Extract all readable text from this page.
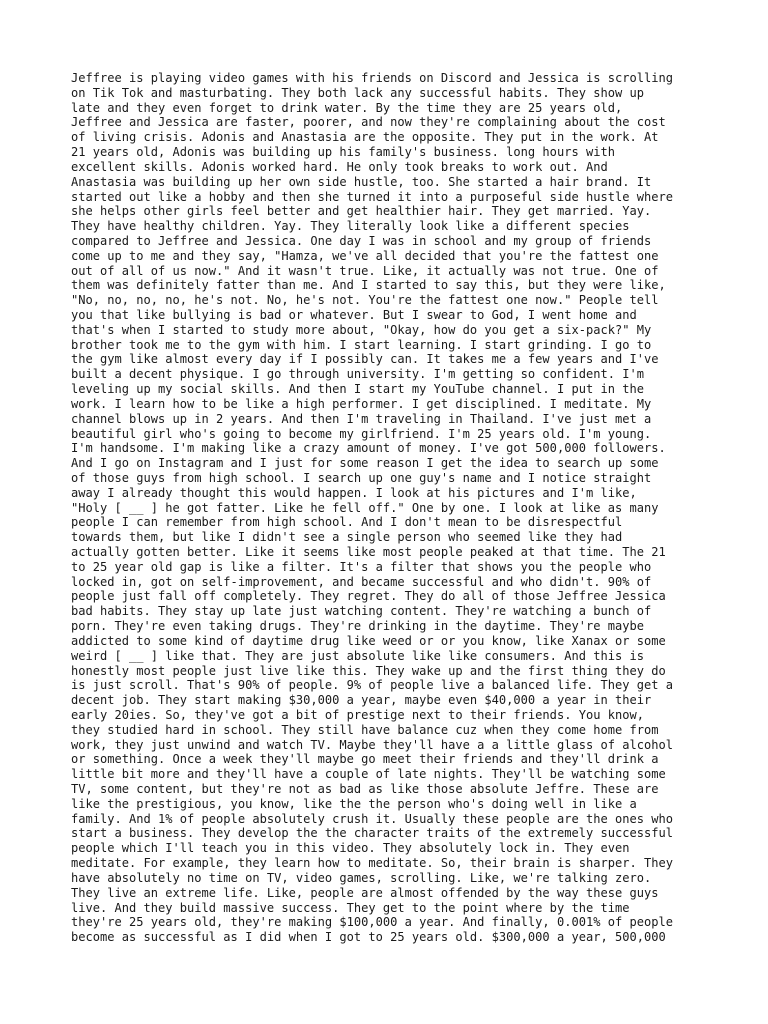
Jeffree is playing video games with his friends on Discord and Jessica is scrolling
on Tik Tok and masturbating. They both lack any successful habits. They show up
late and they even forget to drink water. By the time they are 25 years old,
Jeffree and Jessica are faster, poorer, and now they're complaining about the cost
of living crisis. Adonis and Anastasia are the opposite. They put in the work. At
21 years old, Adonis was building up his family's business. long hours with
excellent skills. Adonis worked hard. He only took breaks to work out. And
Anastasia was building up her own side hustle, too. She started a hair brand. It
started out like a hobby and then she turned it into a purposeful side hustle where
she helps other girls feel better and get healthier hair. They get married. Yay.
They have healthy children. Yay. They literally look like a different species
compared to Jeffree and Jessica. One day I was in school and my group of friends
come up to me and they say, "Hamza, we've all decided that you're the fattest one
out of all of us now." And it wasn't true. Like, it actually was not true. One of
them was definitely fatter than me. And I started to say this, but they were like,
"No, no, no, no, he's not. No, he's not. You're the fattest one now." People tell
you that like bullying is bad or whatever. But I swear to God, I went home and
that's when I started to study more about, "Okay, how do you get a six-pack?" My
brother took me to the gym with him. I start learning. I start grinding. I go to
the gym like almost every day if I possibly can. It takes me a few years and I've
built a decent physique. I go through university. I'm getting so confident. I'm
leveling up my social skills. And then I start my YouTube channel. I put in the
work. I learn how to be like a high performer. I get disciplined. I meditate. My
channel blows up in 2 years. And then I'm traveling in Thailand. I've just met a
beautiful girl who's going to become my girlfriend. I'm 25 years old. I'm young.
I'm handsome. I'm making like a crazy amount of money. I've got 500,000 followers.
And I go on Instagram and I just for some reason I get the idea to search up some
of those guys from high school. I search up one guy's name and I notice straight
away I already thought this would happen. I look at his pictures and I'm like,
"Holy [ __ ] he got fatter. Like he fell off." One by one. I look at like as many
people I can remember from high school. And I don't mean to be disrespectful
towards them, but like I didn't see a single person who seemed like they had
actually gotten better. Like it seems like most people peaked at that time. The 21
to 25 year old gap is like a filter. It's a filter that shows you the people who
locked in, got on self-improvement, and became successful and who didn't. 90% of
people just fall off completely. They regret. They do all of those Jeffree Jessica
bad habits. They stay up late just watching content. They're watching a bunch of
porn. They're even taking drugs. They're drinking in the daytime. They're maybe
addicted to some kind of daytime drug like weed or or you know, like Xanax or some
weird [ __ ] like that. They are just absolute like like consumers. And this is
honestly most people just live like this. They wake up and the first thing they do
is just scroll. That's 90% of people. 9% of people live a balanced life. They get a
decent job. They start making $30,000 a year, maybe even $40,000 a year in their
early 20ies. So, they've got a bit of prestige next to their friends. You know,
they studied hard in school. They still have balance cuz when they come home from
work, they just unwind and watch TV. Maybe they'll have a a little glass of alcohol
or something. Once a week they'll maybe go meet their friends and they'll drink a
little bit more and they'll have a couple of late nights. They'll be watching some
TV, some content, but they're not as bad as like those absolute Jeffre. These are
like the prestigious, you know, like the the person who's doing well in like a
family. And 1% of people absolutely crush it. Usually these people are the ones who
start a business. They develop the the character traits of the extremely successful
people which I'll teach you in this video. They absolutely lock in. They even
meditate. For example, they learn how to meditate. So, their brain is sharper. They
have absolutely no time on TV, video games, scrolling. Like, we're talking zero.
They live an extreme life. Like, people are almost offended by the way these guys
live. And they build massive success. They get to the point where by the time
they're 25 years old, they're making $100,000 a year. And finally, 0.001% of people
become as successful as I did when I got to 25 years old. $300,000 a year, 500,000
